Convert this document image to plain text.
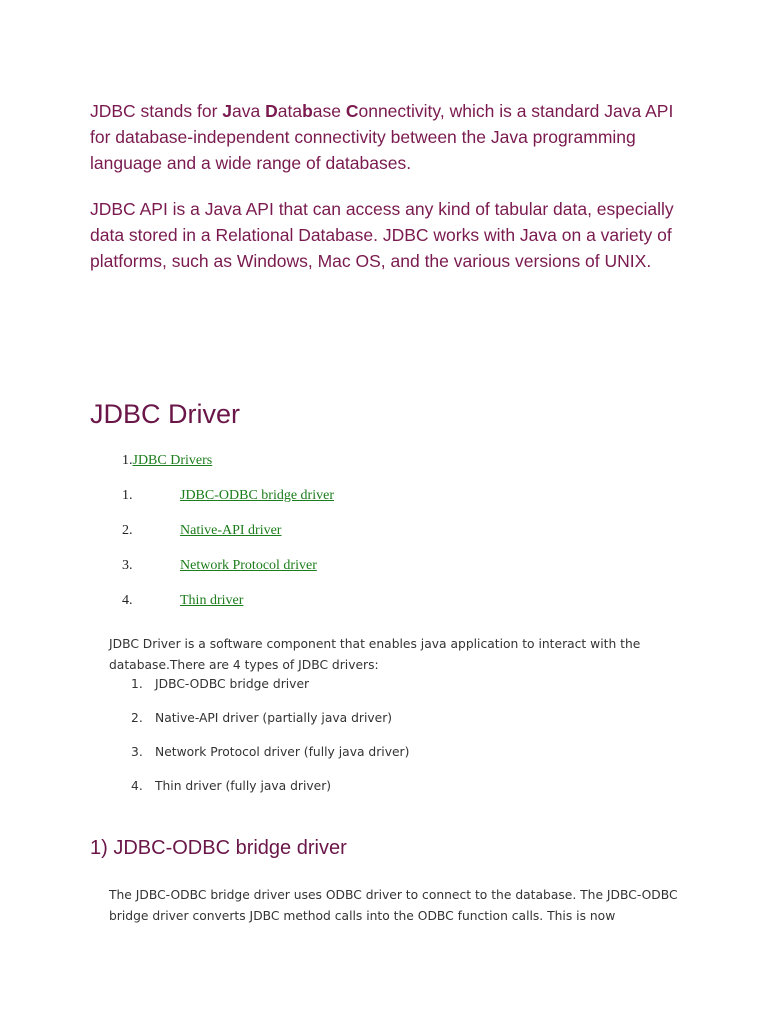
JDBC stands for Java Database Connectivity, which is a standard Java API for database-independent connectivity between the Java programming language and a wide range of databases.

JDBC API is a Java API that can access any kind of tabular data, especially data stored in a Relational Database. JDBC works with Java on a variety of platforms, such as Windows, Mac OS, and the various versions of UNIX.

JDBC Driver
1.JDBC Drivers
1.	JDBC-ODBC bridge driver
2.	Native-API driver
3.	Network Protocol driver
4.	Thin driver

JDBC Driver is a software component that enables java application to interact with the database.There are 4 types of JDBC drivers:

1. JDBC-ODBC bridge driver
2. Native-API driver (partially java driver)
3. Network Protocol driver (fully java driver)
4. Thin driver (fully java driver)
1) JDBC-ODBC bridge driver

The JDBC-ODBC bridge driver uses ODBC driver to connect to the database. The JDBC-ODBC bridge driver converts JDBC method calls into the ODBC function calls. This is now
